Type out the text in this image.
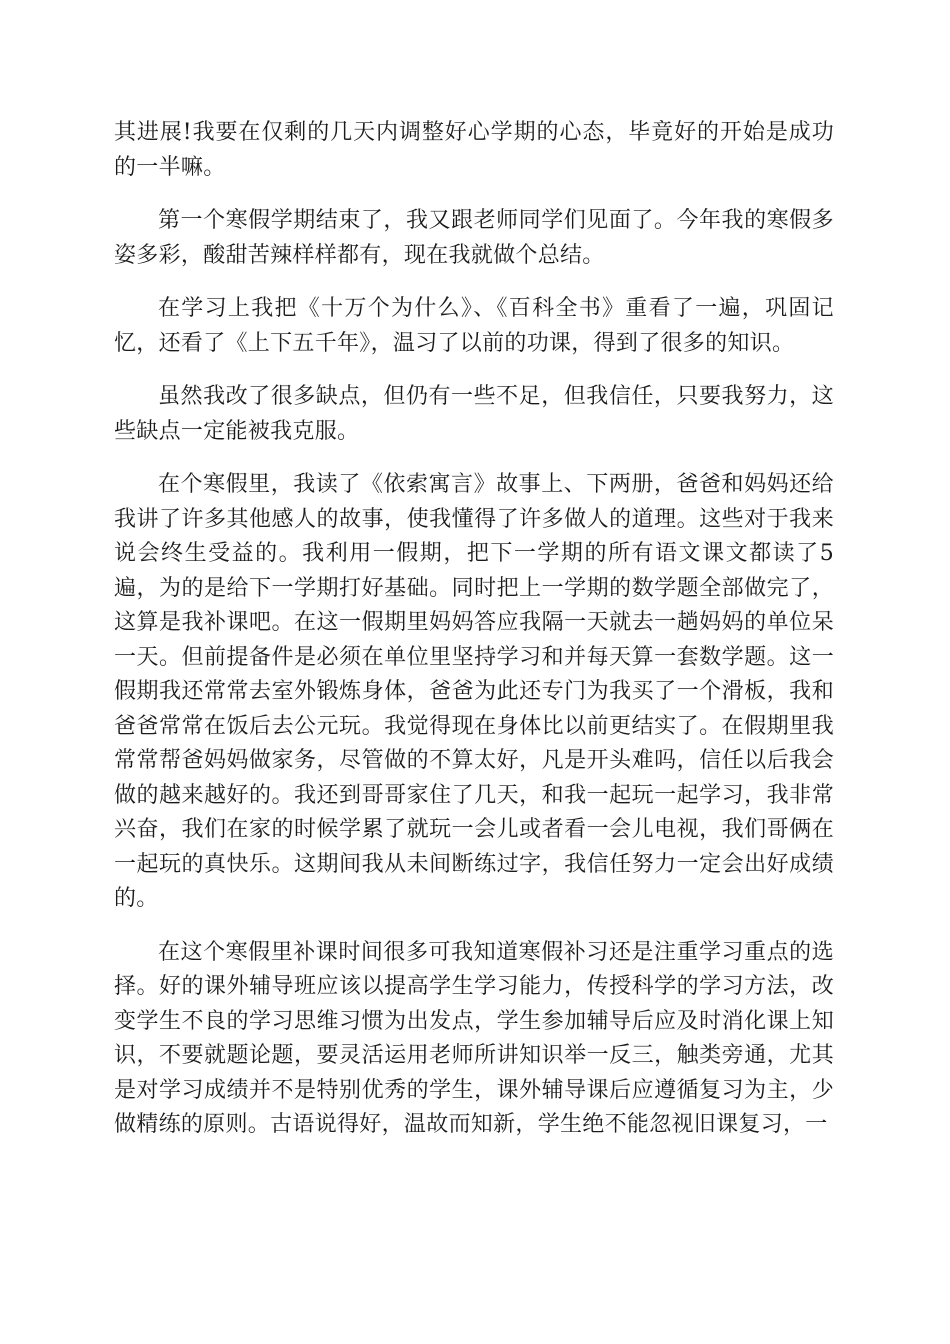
其进展!我要在仅剩的几天内调整好心学期的心态，毕竟好的开始是成功的一半嘛。

第一个寒假学期结束了，我又跟老师同学们见面了。今年我的寒假多姿多彩，酸甜苦辣样样都有，现在我就做个总结。

在学习上我把《十万个为什么》、《百科全书》重看了一遍，巩固记忆，还看了《上下五千年》，温习了以前的功课，得到了很多的知识。

虽然我改了很多缺点，但仍有一些不足，但我信任，只要我努力，这些缺点一定能被我克服。

在个寒假里，我读了《依索寓言》故事上、下两册，爸爸和妈妈还给我讲了许多其他感人的故事，使我懂得了许多做人的道理。这些对于我来说会终生受益的。我利用一假期，把下一学期的所有语文课文都读了5遍，为的是给下一学期打好基础。同时把上一学期的数学题全部做完了，这算是我补课吧。在这一假期里妈妈答应我隔一天就去一趟妈妈的单位呆一天。但前提备件是必须在单位里坚持学习和并每天算一套数学题。这一假期我还常常去室外锻炼身体，爸爸为此还专门为我买了一个滑板，我和爸爸常常在饭后去公元玩。我觉得现在身体比以前更结实了。在假期里我常常帮爸妈妈做家务，尽管做的不算太好，凡是开头难吗，信任以后我会做的越来越好的。我还到哥哥家住了几天，和我一起玩一起学习，我非常兴奋，我们在家的时候学累了就玩一会儿或者看一会儿电视，我们哥俩在一起玩的真快乐。这期间我从未间断练过字，我信任努力一定会出好成绩的。

在这个寒假里补课时间很多可我知道寒假补习还是注重学习重点的选择。好的课外辅导班应该以提高学生学习能力，传授科学的学习方法，改变学生不良的学习思维习惯为出发点，学生参加辅导后应及时消化课上知识，不要就题论题，要灵活运用老师所讲知识举一反三，触类旁通，尤其是对学习成绩并不是特别优秀的学生，课外辅导课后应遵循复习为主，少做精练的原则。古语说得好，温故而知新，学生绝不能忽视旧课复习，一
